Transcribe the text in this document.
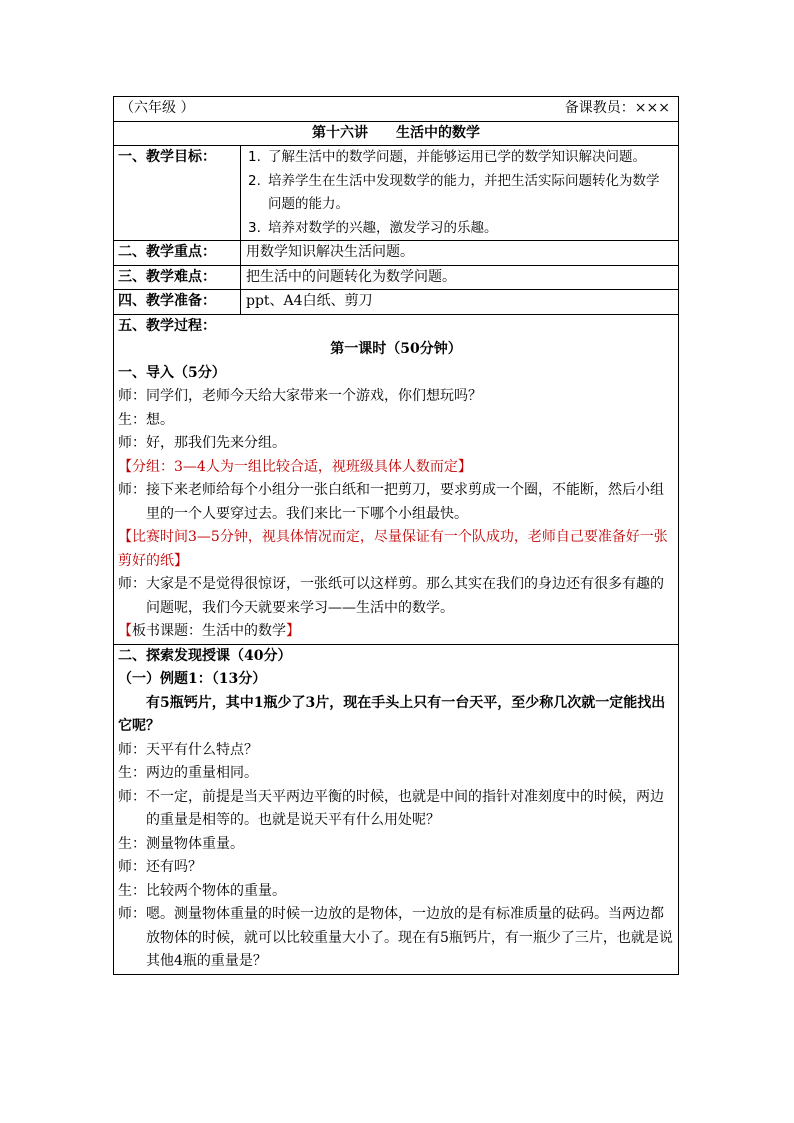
（六年级 ）	备课教员：×××
第十六讲
　　 生活中的数学
一、教学目标：	1. 了解生活中的数学问题，并能够运用已学的数学知识解决问题。
2. 培养学生在生活中发现数学的能力，并把生活实际问题转化为数学问题的能力。
3. 培养对数学的兴趣，激发学习的乐趣。
二、教学重点：	用数学知识解决生活问题。
三、教学难点：	把生活中的问题转化为数学问题。
四、教学准备：	ppt、A4白纸、剪刀
五、教学过程：
第一课时（50分钟）
一、导入（5分）
师：同学们，老师今天给大家带来一个游戏，你们想玩吗？
生：想。
师：好，那我们先来分组。
【分组：3—4人为一组比较合适，视班级具体人数而定】
师：接下来老师给每个小组分一张白纸和一把剪刀，要求剪成一个圈，不能断，然后小组里的一个人要穿过去。我们来比一下哪个小组最快。
【比赛时间3—5分钟，视具体情况而定，尽量保证有一个队成功，老师自己要准备好一张剪好的纸】
师：大家是不是觉得很惊讶，一张纸可以这样剪。那么其实在我们的身边还有很多有趣的问题呢，我们今天就要来学习——生活中的数学。
【板书课题：生活中的数学】
二、探索发现授课（40分）
（一）例题1：（13分）
有5瓶钙片，其中1瓶少了3片，现在手头上只有一台天平，至少称几次就一定能找出它呢？
师：天平有什么特点？
生：两边的重量相同。
师：不一定，前提是当天平两边平衡的时候，也就是中间的指针对准刻度中的时候，两边的重量是相等的。也就是说天平有什么用处呢？
生：测量物体重量。
师：还有吗？
生：比较两个物体的重量。
师：嗯。测量物体重量的时候一边放的是物体，一边放的是有标准质量的砝码。当两边都放物体的时候，就可以比较重量大小了。现在有5瓶钙片，有一瓶少了三片，也就是说其他4瓶的重量是？
